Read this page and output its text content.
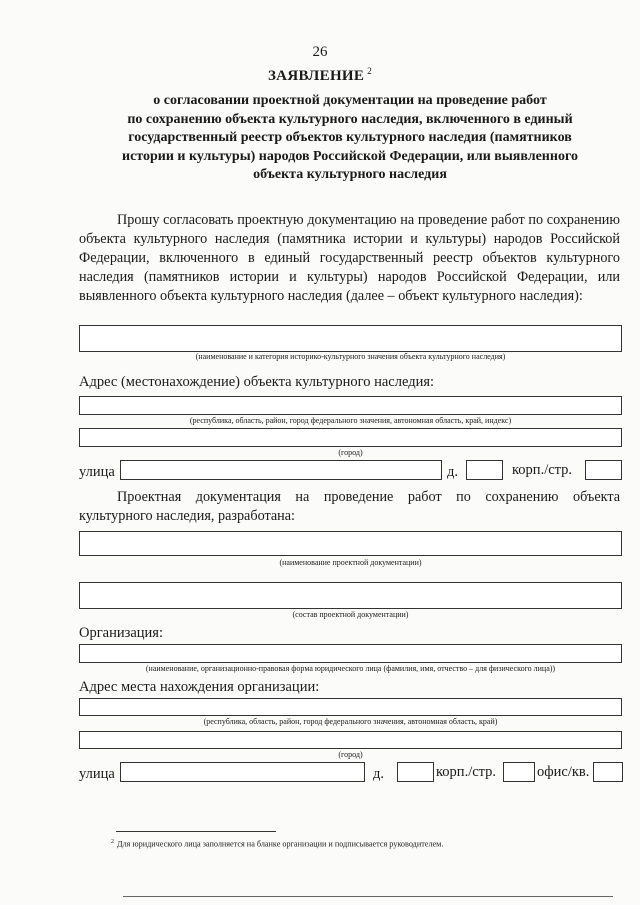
26
ЗАЯВЛЕНИЕ $^2$
о согласовании проектной документации на проведение работ
по сохранению объекта культурного наследия, включенного в единый
государственный реестр объектов культурного наследия (памятников
истории и культуры) народов Российской Федерации, или выявленного
объекта культурного наследия
Прошу согласовать проектную документацию на проведение работ по сохранению объекта культурного наследия (памятника истории и культуры) народов Российской Федерации, включенного в единый государственный реестр объектов культурного наследия (памятников истории и культуры) народов Российской Федерации, или выявленного объекта культурного наследия (далее – объект культурного наследия):
(наименование и категория историко-культурного значения объекта культурного наследия)
Адрес (местонахождение) объекта культурного наследия:
(республика, область, район, город федерального значения, автономная область, край, индекс)
(город)
улица	д.	корп./стр.
Проектная документация на проведение работ по сохранению объекта культурного наследия, разработана:
(наименование проектной документации)
(состав проектной документации)
Организация:
(наименование, организационно-правовая форма юридического лица (фамилия, имя, отчество – для физического лица))
Адрес места нахождения организации:
(республика, область, район, город федерального значения, автономная область, край)
(город)
улица	д.	корп./стр.	офис/кв.
$^2$ Для юридического лица заполняется на бланке организации и подписывается руководителем.
